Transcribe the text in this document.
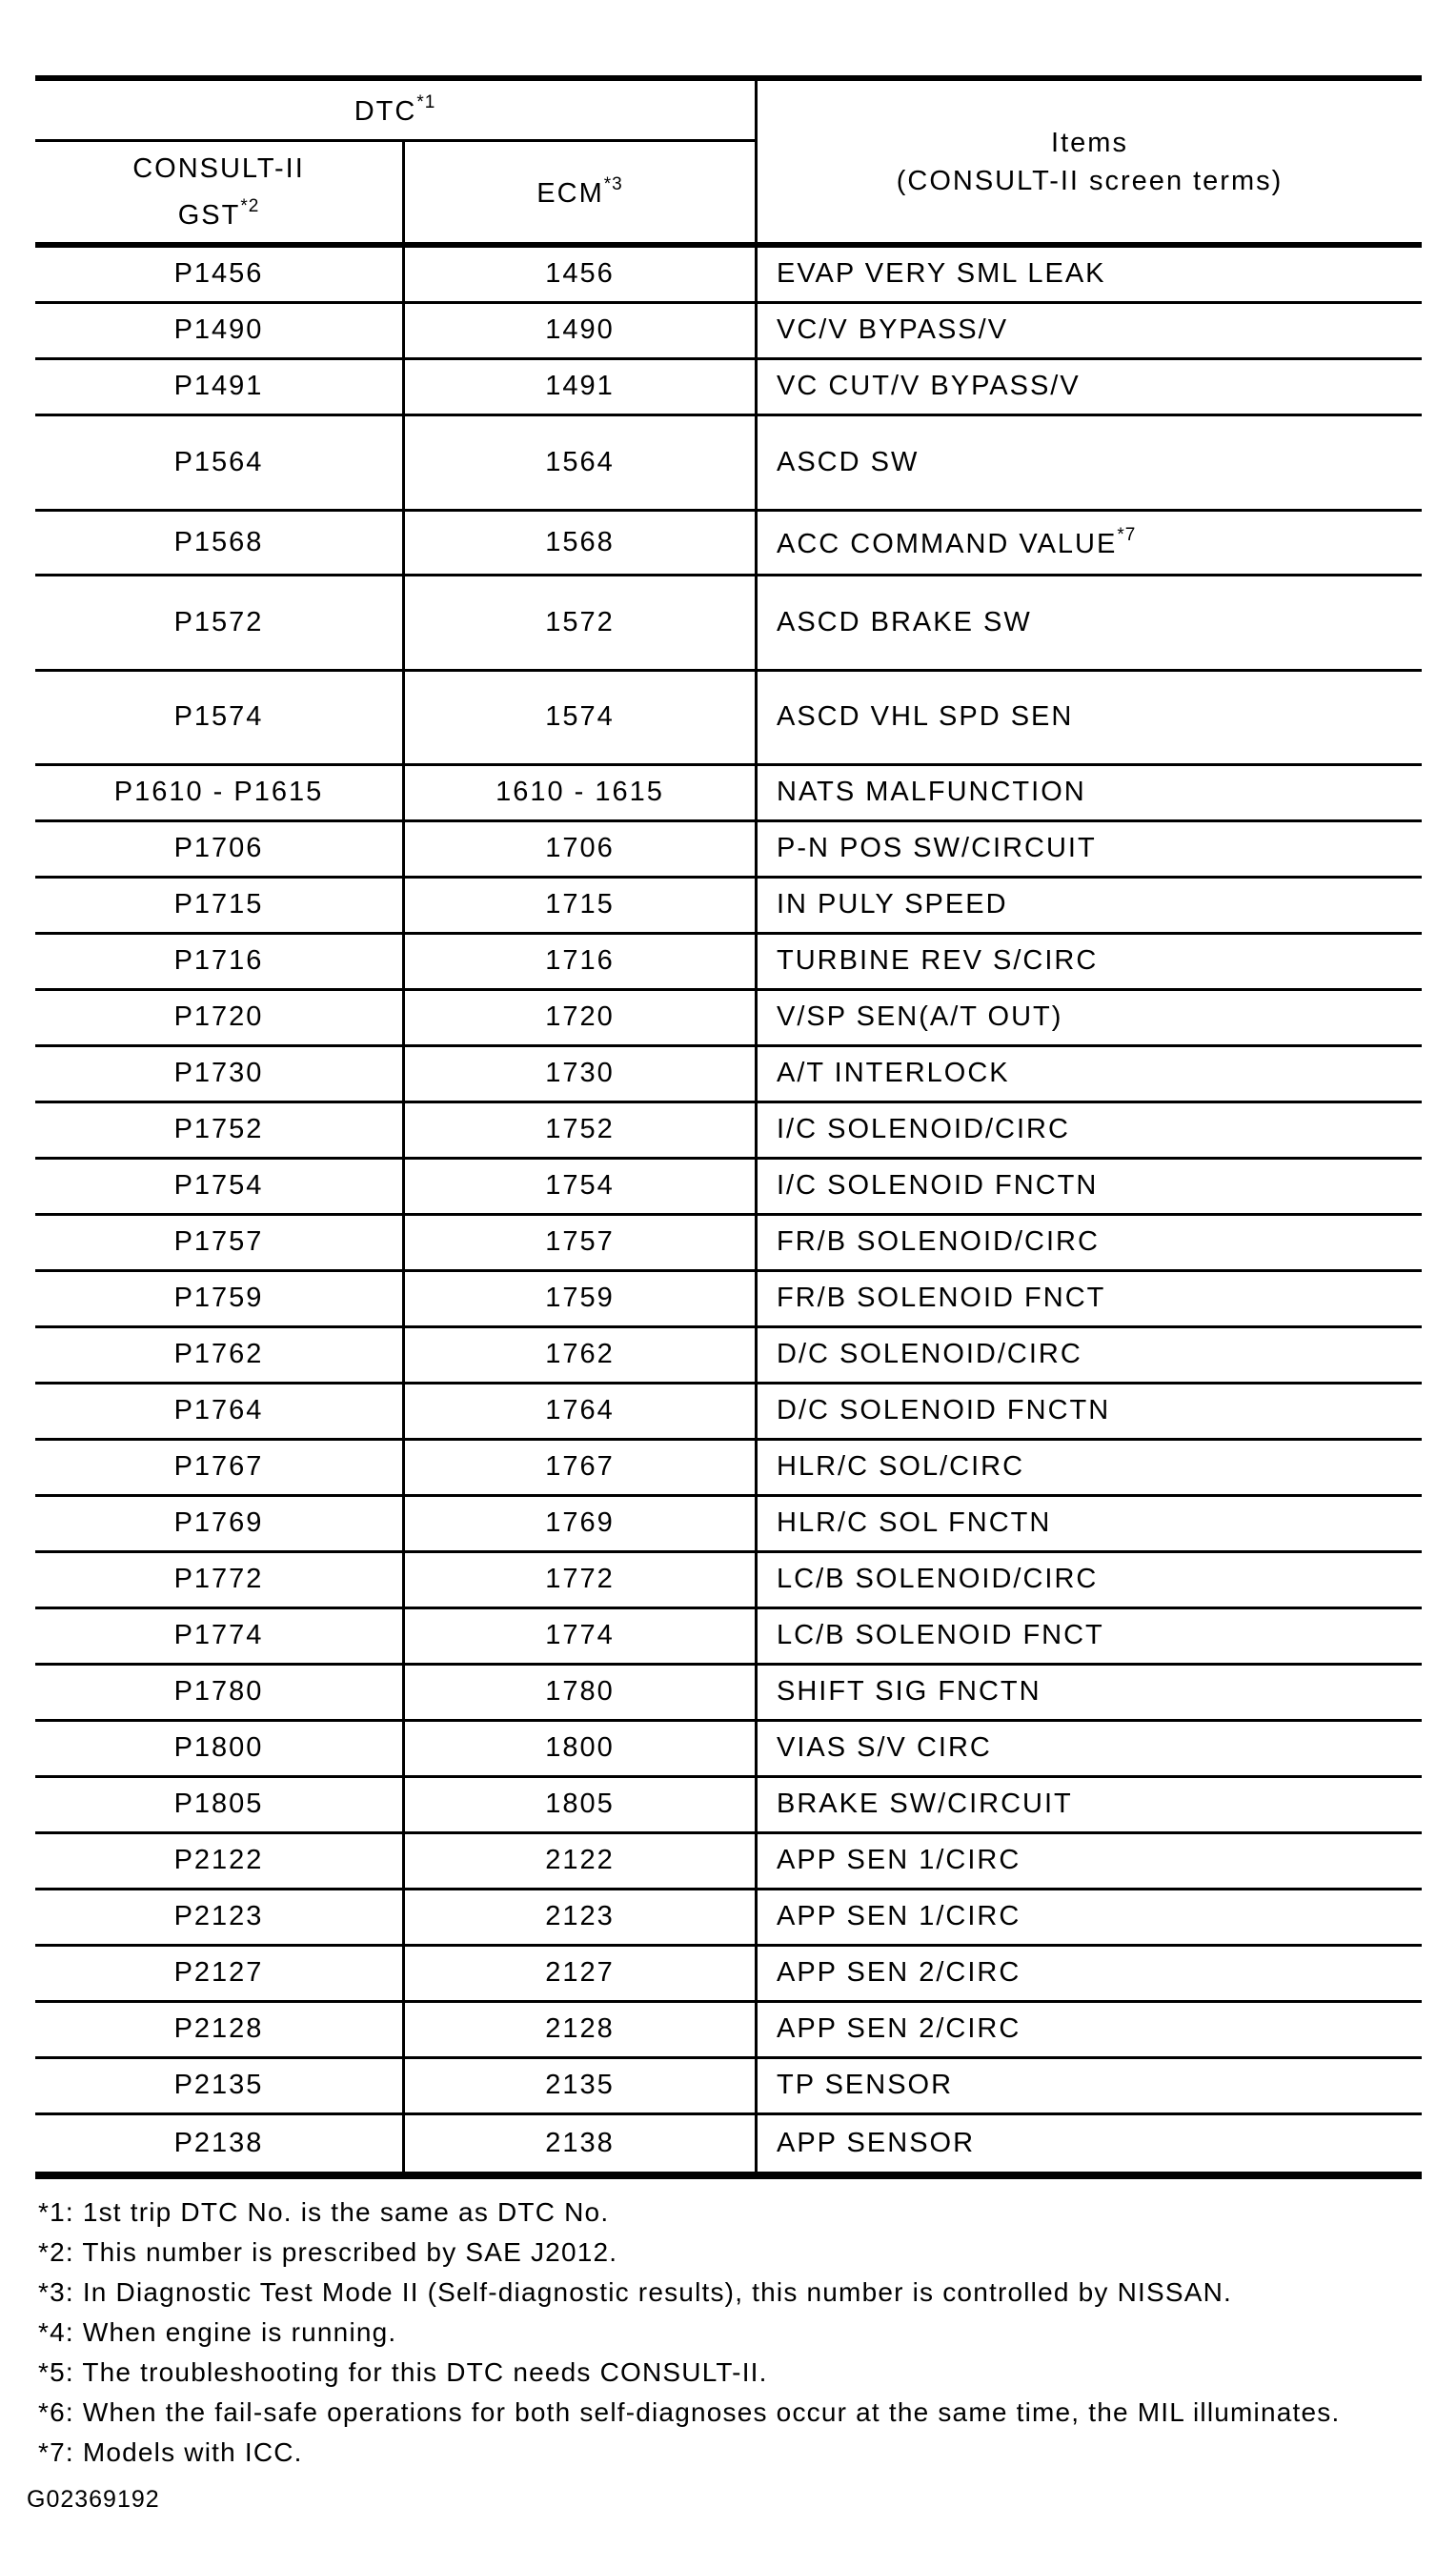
DTC$^{*1}$
CONSULT-II
GST$^{*2}$	ECM$^{*3}$
Items
(CONSULT-II screen terms)
P1456	1456	EVAP VERY SML LEAK
P1490	1490	VC/V BYPASS/V
P1491	1491	VC CUT/V BYPASS/V
P1564	1564	ASCD SW
P1568	1568	ACC COMMAND VALUE$^{*7}$
P1572	1572	ASCD BRAKE SW
P1574	1574	ASCD VHL SPD SEN
P1610 - P1615	1610 - 1615	NATS MALFUNCTION
P1706	1706	P-N POS SW/CIRCUIT
P1715	1715	IN PULY SPEED
P1716	1716	TURBINE REV S/CIRC
P1720	1720	V/SP SEN(A/T OUT)
P1730	1730	A/T INTERLOCK
P1752	1752	I/C SOLENOID/CIRC
P1754	1754	I/C SOLENOID FNCTN
P1757	1757	FR/B SOLENOID/CIRC
P1759	1759	FR/B SOLENOID FNCT
P1762	1762	D/C SOLENOID/CIRC
P1764	1764	D/C SOLENOID FNCTN
P1767	1767	HLR/C SOL/CIRC
P1769	1769	HLR/C SOL FNCTN
P1772	1772	LC/B SOLENOID/CIRC
P1774	1774	LC/B SOLENOID FNCT
P1780	1780	SHIFT SIG FNCTN
P1800	1800	VIAS S/V CIRC
P1805	1805	BRAKE SW/CIRCUIT
P2122	2122	APP SEN 1/CIRC
P2123	2123	APP SEN 1/CIRC
P2127	2127	APP SEN 2/CIRC
P2128	2128	APP SEN 2/CIRC
P2135	2135	TP SENSOR
P2138	2138	APP SENSOR
*1: 1st trip DTC No. is the same as DTC No.
*2: This number is prescribed by SAE J2012.
*3: In Diagnostic Test Mode II (Self-diagnostic results), this number is controlled by NISSAN.
*4: When engine is running.
*5: The troubleshooting for this DTC needs CONSULT-II.
*6: When the fail-safe operations for both self-diagnoses occur at the same time, the MIL illuminates.
*7: Models with ICC.
G02369192
